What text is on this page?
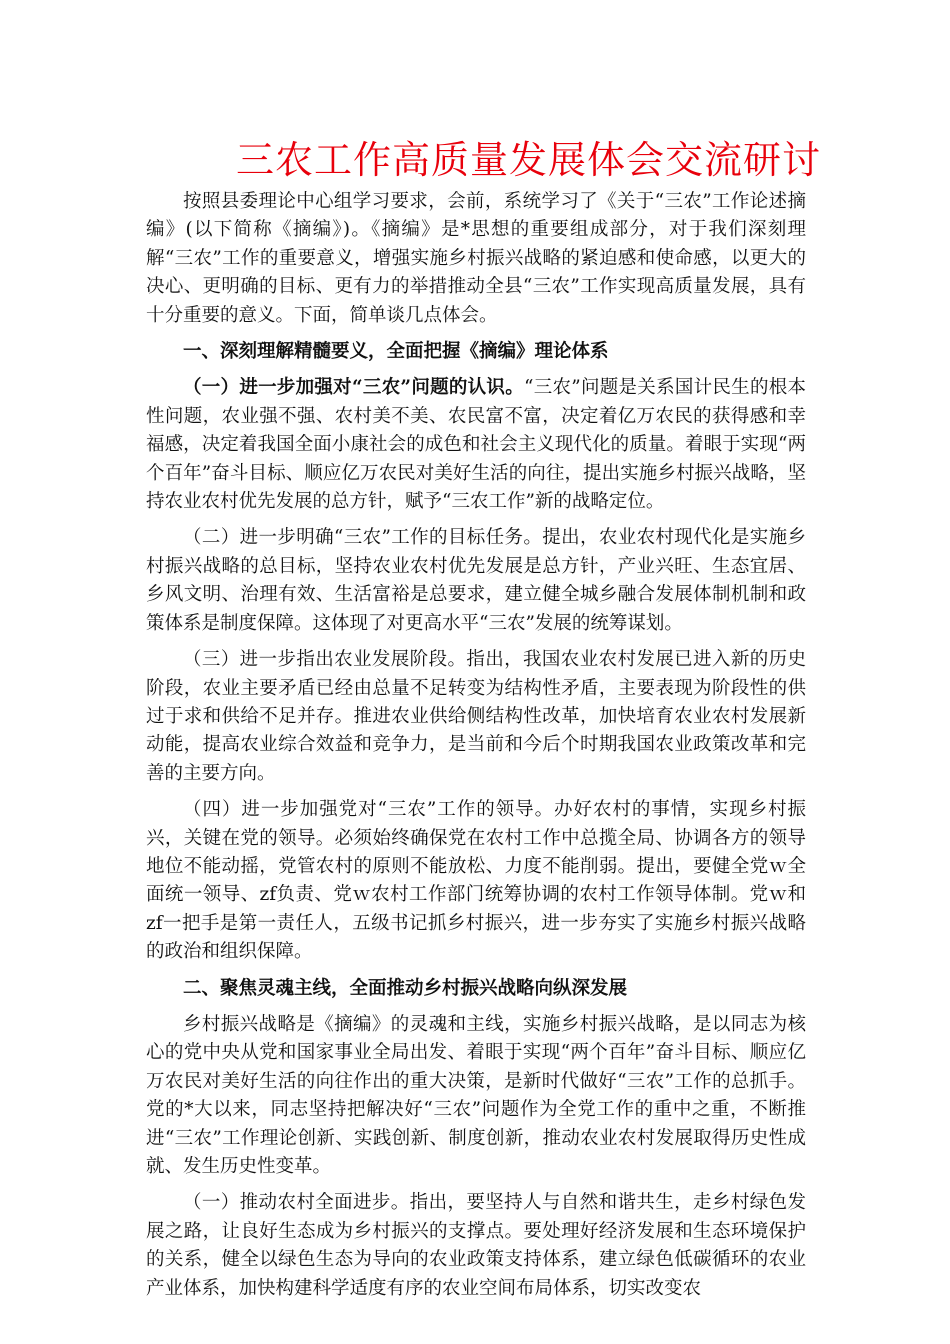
三农工作高质量发展体会交流研讨

按照县委理论中心组学习要求，会前，系统学习了《关于“三农”工作论述摘编》(以下简称《摘编》)。《摘编》是*思想的重要组成部分，对于我们深刻理解“三农”工作的重要意义，增强实施乡村振兴战略的紧迫感和使命感，以更大的决心、更明确的目标、更有力的举措推动全县“三农”工作实现高质量发展，具有十分重要的意义。下面，简单谈几点体会。

一、深刻理解精髓要义，全面把握《摘编》理论体系

（一）进一步加强对“三农”问题的认识。“三农”问题是关系国计民生的根本性问题，农业强不强、农村美不美、农民富不富，决定着亿万农民的获得感和幸福感，决定着我国全面小康社会的成色和社会主义现代化的质量。着眼于实现“两个百年”奋斗目标、顺应亿万农民对美好生活的向往，提出实施乡村振兴战略，坚持农业农村优先发展的总方针，赋予“三农工作”新的战略定位。

（二）进一步明确“三农”工作的目标任务。提出，农业农村现代化是实施乡村振兴战略的总目标，坚持农业农村优先发展是总方针，产业兴旺、生态宜居、乡风文明、治理有效、生活富裕是总要求，建立健全城乡融合发展体制机制和政策体系是制度保障。这体现了对更高水平“三农”发展的统筹谋划。

（三）进一步指出农业发展阶段。指出，我国农业农村发展已进入新的历史阶段，农业主要矛盾已经由总量不足转变为结构性矛盾，主要表现为阶段性的供过于求和供给不足并存。推进农业供给侧结构性改革，加快培育农业农村发展新动能，提高农业综合效益和竞争力，是当前和今后个时期我国农业政策改革和完善的主要方向。

（四）进一步加强党对“三农”工作的领导。办好农村的事情，实现乡村振兴，关键在党的领导。必须始终确保党在农村工作中总揽全局、协调各方的领导地位不能动摇，党管农村的原则不能放松、力度不能削弱。提出，要健全党ｗ全面统一领导、zf负责、党ｗ农村工作部门统筹协调的农村工作领导体制。党ｗ和zf一把手是第一责任人，五级书记抓乡村振兴，进一步夯实了实施乡村振兴战略的政治和组织保障。

二、聚焦灵魂主线，全面推动乡村振兴战略向纵深发展

乡村振兴战略是《摘编》的灵魂和主线，实施乡村振兴战略，是以同志为核心的党中央从党和国家事业全局出发、着眼于实现“两个百年”奋斗目标、顺应亿万农民对美好生活的向往作出的重大决策，是新时代做好“三农”工作的总抓手。党的*大以来，同志坚持把解决好“三农”问题作为全党工作的重中之重，不断推进“三农”工作理论创新、实践创新、制度创新，推动农业农村发展取得历史性成就、发生历史性变革。

（一）推动农村全面进步。指出，要坚持人与自然和谐共生，走乡村绿色发展之路，让良好生态成为乡村振兴的支撑点。要处理好经济发展和生态环境保护的关系，健全以绿色生态为导向的农业政策支持体系，建立绿色低碳循环的农业产业体系，加快构建科学适度有序的农业空间布局体系，切实改变农
